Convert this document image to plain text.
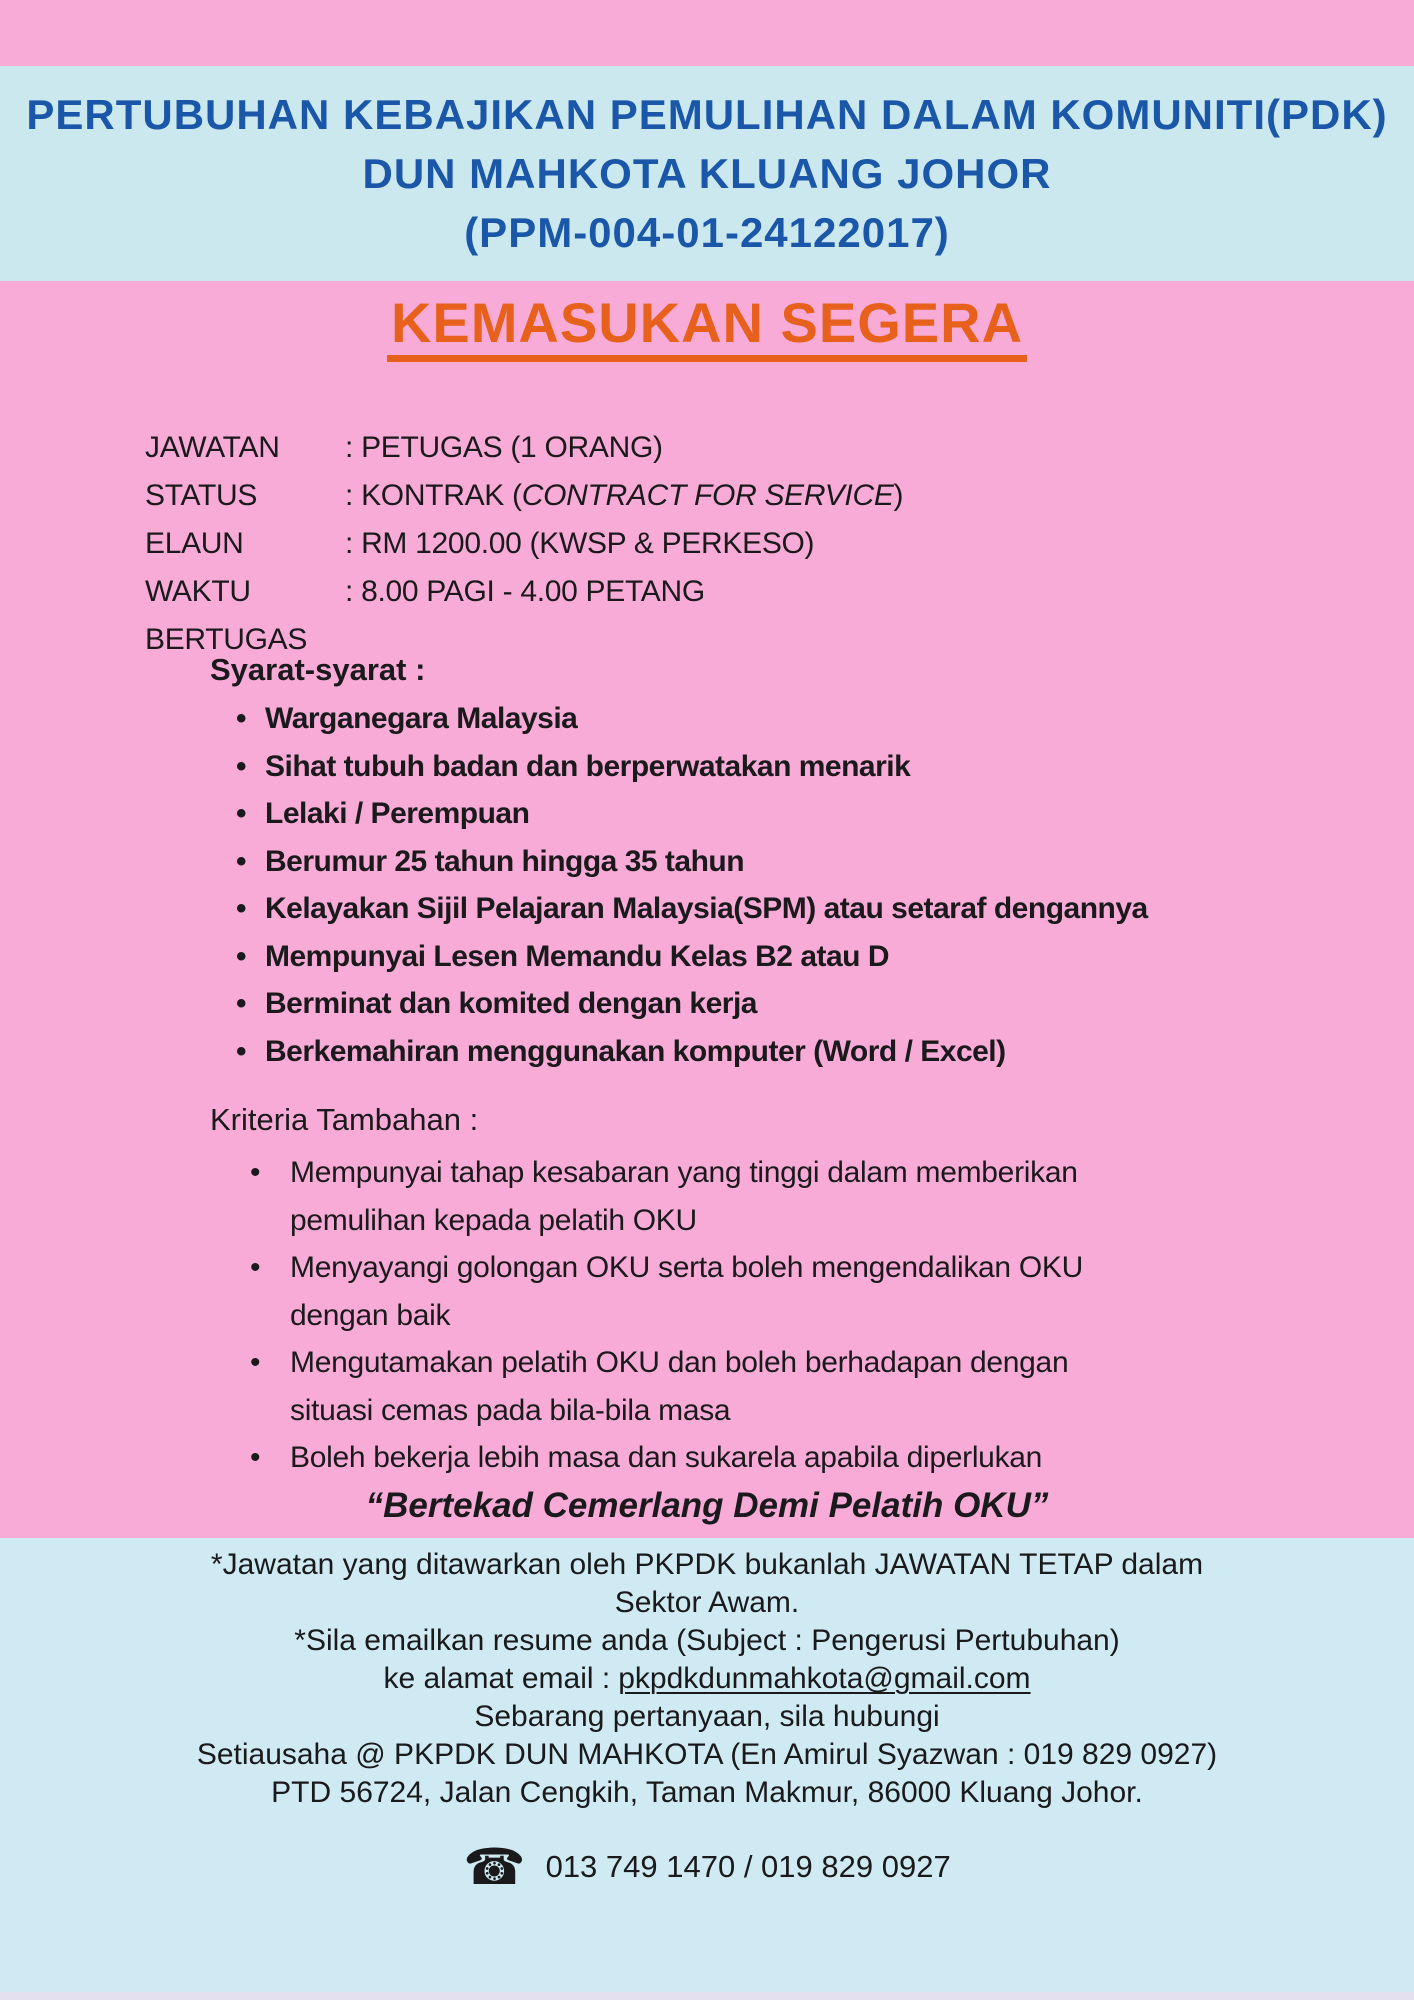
PERTUBUHAN KEBAJIKAN PEMULIHAN DALAM KOMUNITI(PDK)
DUN MAHKOTA KLUANG JOHOR
(PPM-004-01-24122017)
KEMASUKAN SEGERA
JAWATAN	: PETUGAS (1 ORANG)
STATUS	: KONTRAK (CONTRACT FOR SERVICE)
ELAUN	: RM 1200.00 (KWSP & PERKESO)
WAKTU BERTUGAS
: 8.00 PAGI - 4.00 PETANG
Syarat-syarat :
• Warganegara Malaysia
• Sihat tubuh badan dan berperwatakan menarik
• Lelaki / Perempuan
• Berumur 25 tahun hingga 35 tahun
• Kelayakan Sijil Pelajaran Malaysia(SPM) atau setaraf dengannya
• Mempunyai Lesen Memandu Kelas B2 atau D
• Berminat dan komited dengan kerja
• Berkemahiran menggunakan komputer (Word / Excel)
Kriteria Tambahan :
• Mempunyai tahap kesabaran yang tinggi dalam memberikan pemulihan kepada pelatih OKU
• Menyayangi golongan OKU serta boleh mengendalikan OKU dengan baik
• Mengutamakan pelatih OKU dan boleh berhadapan dengan situasi cemas pada bila-bila masa
• Boleh bekerja lebih masa dan sukarela apabila diperlukan
“Bertekad Cemerlang Demi Pelatih OKU”

*Jawatan yang ditawarkan oleh PKPDK bukanlah JAWATAN TETAP dalam Sektor Awam.

*Sila emailkan resume anda (Subject : Pengerusi Pertubuhan)

ke alamat email : pkpdkdunmahkota@gmail.com

Sebarang pertanyaan, sila hubungi

Setiausaha @ PKPDK DUN MAHKOTA (En Amirul Syazwan : 019 829 0927)

PTD 56724, Jalan Cengkih, Taman Makmur, 86000 Kluang Johor.

☎ 013 749 1470 / 019 829 0927
